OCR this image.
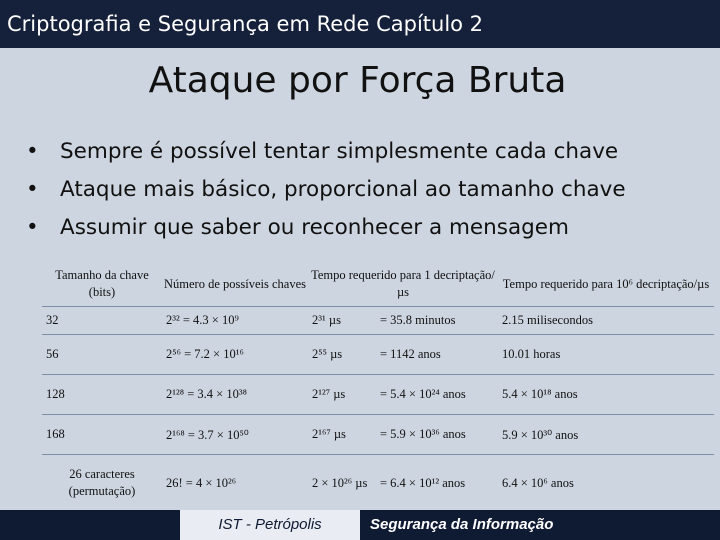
Criptografia e Segurança em Rede Capítulo 2
Ataque por Força Bruta
• Sempre é possível tentar simplesmente cada chave
• Ataque mais básico, proporcional ao tamanho chave
• Assumir que saber ou reconhecer a mensagem
Tamanho da chave (bits)	Número de possíveis chaves	Tempo requerido para 1 decriptação/µs	Tempo requerido para 10⁶ decriptação/µs
32	2³² = 4.3 × 10⁹	2³¹ µs = 35.8 minutos	2.15 milisecondos
56	2⁵⁶ = 7.2 × 10¹⁶	2⁵⁵ µs = 1142 anos	10.01 horas
128	2¹²⁸ = 3.4 × 10³⁸	2¹²⁷ µs = 5.4 × 10²⁴ anos	5.4 × 10¹⁸ anos
168	2¹⁶⁸ = 3.7 × 10⁵⁰	2¹⁶⁷ µs = 5.9 × 10³⁶ anos	5.9 × 10³⁰ anos
26 caracteres (permutação)	26! = 4 × 10²⁶	2 × 10²⁶ µs = 6.4 × 10¹² anos	6.4 × 10⁶ anos
IST - Petrópolis	Segurança da Informação
